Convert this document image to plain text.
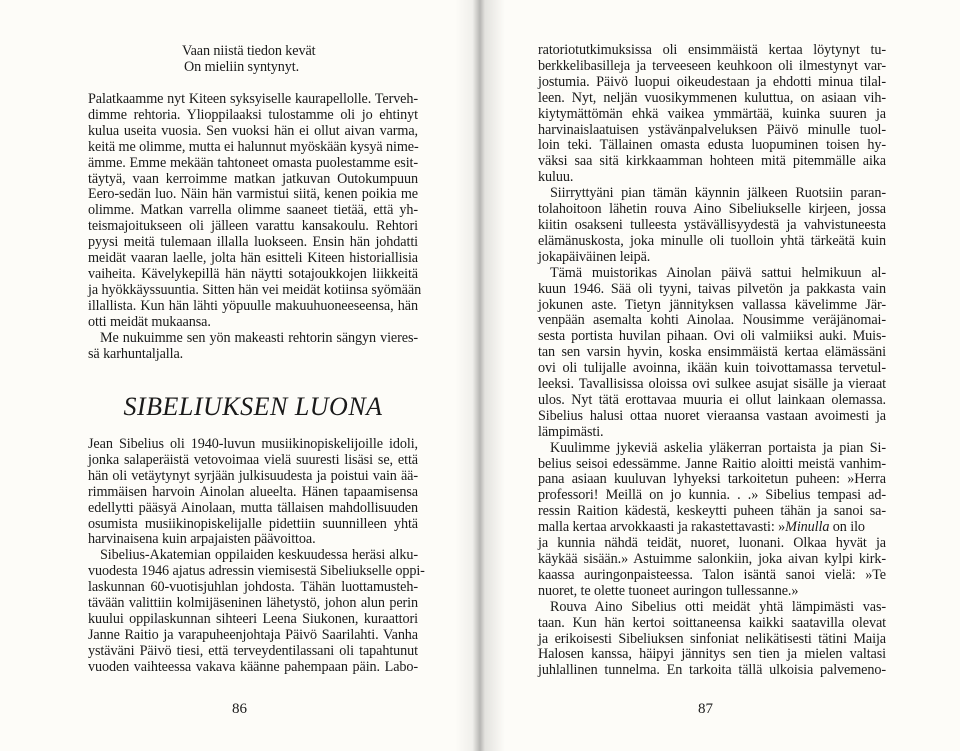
Vaan niistä tiedon kevät
On mieliin syntynyt.
Palatkaamme nyt Kiteen syksyiselle kaurapellolle. Terveh-
dimme rehtoria. Ylioppilaaksi tulostamme oli jo ehtinyt
kulua useita vuosia. Sen vuoksi hän ei ollut aivan varma,
keitä me olimme, mutta ei halunnut myöskään kysyä nime-
ämme. Emme mekään tahtoneet omasta puolestamme esit-
täytyä, vaan kerroimme matkan jatkuvan Outokumpuun
Eero-sedän luo. Näin hän varmistui siitä, kenen poikia me
olimme. Matkan varrella olimme saaneet tietää, että yh-
teismajoitukseen oli jälleen varattu kansakoulu. Rehtori
pyysi meitä tulemaan illalla luokseen. Ensin hän johdatti
meidät vaaran laelle, jolta hän esitteli Kiteen historiallisia
vaiheita. Kävelykepillä hän näytti sotajoukkojen liikkeitä
ja hyökkäyssuuntia. Sitten hän vei meidät kotiinsa syömään
illallista. Kun hän lähti yöpuulle makuuhuoneeseensa, hän
otti meidät mukaansa.
Me nukuimme sen yön makeasti rehtorin sängyn vieres-
sä karhuntaljalla.
SIBELIUKSEN LUONA
Jean Sibelius oli 1940-luvun musiikinopiskelijoille idoli,
jonka salaperäistä vetovoimaa vielä suuresti lisäsi se, että
hän oli vetäytynyt syrjään julkisuudesta ja poistui vain ää-
rimmäisen harvoin Ainolan alueelta. Hänen tapaamisensa
edellytti pääsyä Ainolaan, mutta tällaisen mahdollisuuden
osumista musiikinopiskelijalle pidettiin suunnilleen yhtä
harvinaisena kuin arpajaisten päävoittoa.
Sibelius-Akatemian oppilaiden keskuudessa heräsi alku-
vuodesta 1946 ajatus adressin viemisestä Sibeliukselle oppi-
laskunnan 60-vuotisjuhlan johdosta. Tähän luottamusteh-
tävään valittiin kolmijäseninen lähetystö, johon alun perin
kuului oppilaskunnan sihteeri Leena Siukonen, kuraattori
Janne Raitio ja varapuheenjohtaja Päivö Saarilahti. Vanha
ystäväni Päivö tiesi, että terveydentilassani oli tapahtunut
vuoden vaihteessa vakava käänne pahempaan päin. Labo-
86
ratoriotutkimuksissa oli ensimmäistä kertaa löytynyt tu-
berkkelibasilleja ja terveeseen keuhkoon oli ilmestynyt var-
jostumia. Päivö luopui oikeudestaan ja ehdotti minua tilal-
leen. Nyt, neljän vuosikymmenen kuluttua, on asiaan vih-
kiytymättömän ehkä vaikea ymmärtää, kuinka suuren ja
harvinaislaatuisen ystävänpalveluksen Päivö minulle tuol-
loin teki. Tällainen omasta edusta luopuminen toisen hy-
väksi saa sitä kirkkaamman hohteen mitä pitemmälle aika
kuluu.
Siirryttyäni pian tämän käynnin jälkeen Ruotsiin paran-
tolahoitoon lähetin rouva Aino Sibeliukselle kirjeen, jossa
kiitin osakseni tulleesta ystävällisyydestä ja vahvistuneesta
elämänuskosta, joka minulle oli tuolloin yhtä tärkeätä kuin
jokapäiväinen leipä.
Tämä muistorikas Ainolan päivä sattui helmikuun al-
kuun 1946. Sää oli tyyni, taivas pilvetön ja pakkasta vain
jokunen aste. Tietyn jännityksen vallassa kävelimme Jär-
venpään asemalta kohti Ainolaa. Nousimme veräjänomai-
sesta portista huvilan pihaan. Ovi oli valmiiksi auki. Muis-
tan sen varsin hyvin, koska ensimmäistä kertaa elämässäni
ovi oli tulijalle avoinna, ikään kuin toivottamassa tervetul-
leeksi. Tavallisissa oloissa ovi sulkee asujat sisälle ja vieraat
ulos. Nyt tätä erottavaa muuria ei ollut lainkaan olemassa.
Sibelius halusi ottaa nuoret vieraansa vastaan avoimesti ja
lämpimästi.
Kuulimme jykeviä askelia yläkerran portaista ja pian Si-
belius seisoi edessämme. Janne Raitio aloitti meistä vanhim-
pana asiaan kuuluvan lyhyeksi tarkoitetun puheen: »Herra
professori! Meillä on jo kunnia. . .» Sibelius tempasi ad-
ressin Raition kädestä, keskeytti puheen tähän ja sanoi sa-
malla kertaa arvokkaasti ja rakastettavasti: »Minulla on ilo
ja kunnia nähdä teidät, nuoret, luonani. Olkaa hyvät ja
käykää sisään.» Astuimme salonkiin, joka aivan kylpi kirk-
kaassa auringonpaisteessa. Talon isäntä sanoi vielä: »Te
nuoret, te olette tuoneet auringon tullessanne.»
Rouva Aino Sibelius otti meidät yhtä lämpimästi vas-
taan. Kun hän kertoi soittaneensa kaikki saatavilla olevat
ja erikoisesti Sibeliuksen sinfoniat nelikätisesti tätini Maija
Halosen kanssa, häipyi jännitys sen tien ja mielen valtasi
juhlallinen tunnelma. En tarkoita tällä ulkoisia palvemeno-
87
